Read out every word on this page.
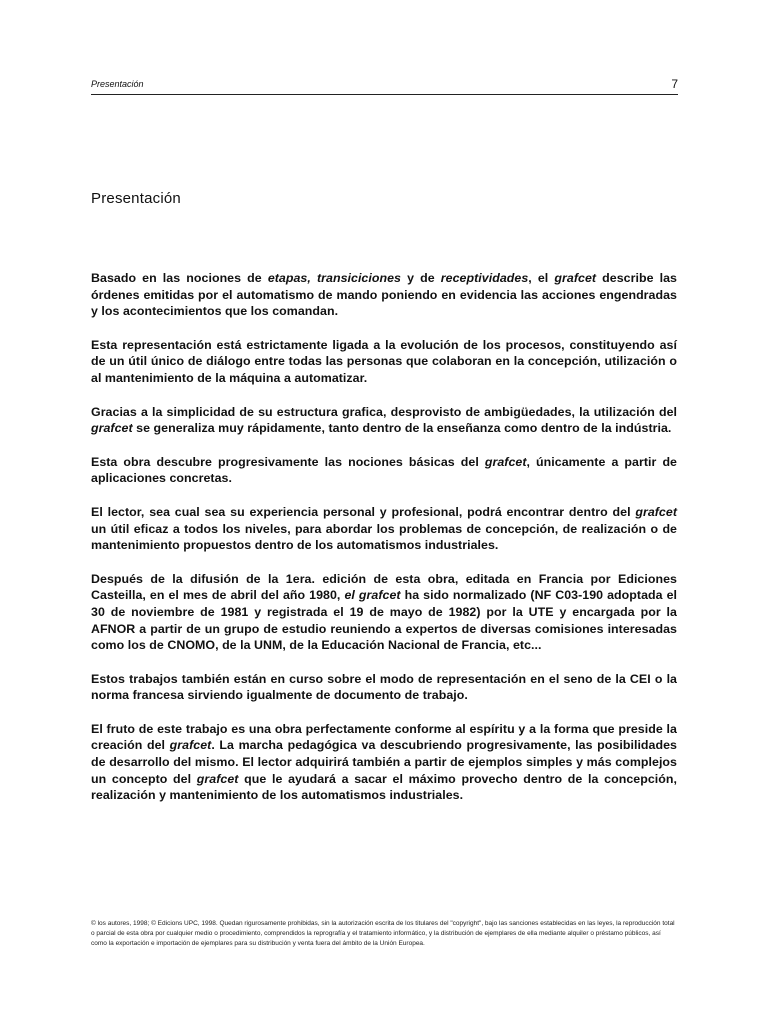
Presentación	7
Presentación

Basado en las nociones de etapas, transiciciones y de receptividades, el grafcet describe las órdenes emitidas por el automatismo de mando poniendo en evidencia las acciones engendradas y los acontecimientos que los comandan.

Esta representación está estrictamente ligada a la evolución de los procesos, constituyendo así de un útil único de diálogo entre todas las personas que colaboran en la concepción, utilización o al mantenimiento de la máquina a automatizar.

Gracias a la simplicidad de su estructura grafica, desprovisto de ambigüedades, la utilización del grafcet se generaliza muy rápidamente, tanto dentro de la enseñanza como dentro de la indústria.

Esta obra descubre progresivamente las nociones básicas del grafcet, únicamente a partir de aplicaciones concretas.

El lector, sea cual sea su experiencia personal y profesional, podrá encontrar dentro del grafcet un útil eficaz a todos los niveles, para abordar los problemas de concepción, de realización o de mantenimiento propuestos dentro de los automatismos industriales.

Después de la difusión de la 1era. edición de esta obra, editada en Francia por Ediciones Casteilla, en el mes de abril del año 1980, el grafcet ha sido normalizado (NF C03-190 adoptada el 30 de noviembre de 1981 y registrada el 19 de mayo de 1982) por la UTE y encargada por la AFNOR a partir de un grupo de estudio reuniendo a expertos de diversas comisiones interesadas como los de CNOMO, de la UNM, de la Educación Nacional de Francia, etc...

Estos trabajos también están en curso sobre el modo de representación en el seno de la CEI o la norma francesa sirviendo igualmente de documento de trabajo.

El fruto de este trabajo es una obra perfectamente conforme al espíritu y a la forma que preside la creación del grafcet. La marcha pedagógica va descubriendo progresivamente, las posibilidades de desarrollo del mismo. El lector adquirirá también a partir de ejemplos simples y más complejos un concepto del grafcet que le ayudará a sacar el máximo provecho dentro de la concepción, realización y mantenimiento de los automatismos industriales.

© los autores, 1998; © Edicions UPC, 1998. Quedan rigurosamente prohibidas, sin la autorización escrita de los titulares del "copyright", bajo las sanciones establecidas en las leyes, la reproducción total o parcial de esta obra por cualquier medio o procedimiento, comprendidos la reprografía y el tratamiento informático, y la distribución de ejemplares de ella mediante alquiler o préstamo públicos, así como la exportación e importación de ejemplares para su distribución y venta fuera del ámbito de la Unión Europea.
